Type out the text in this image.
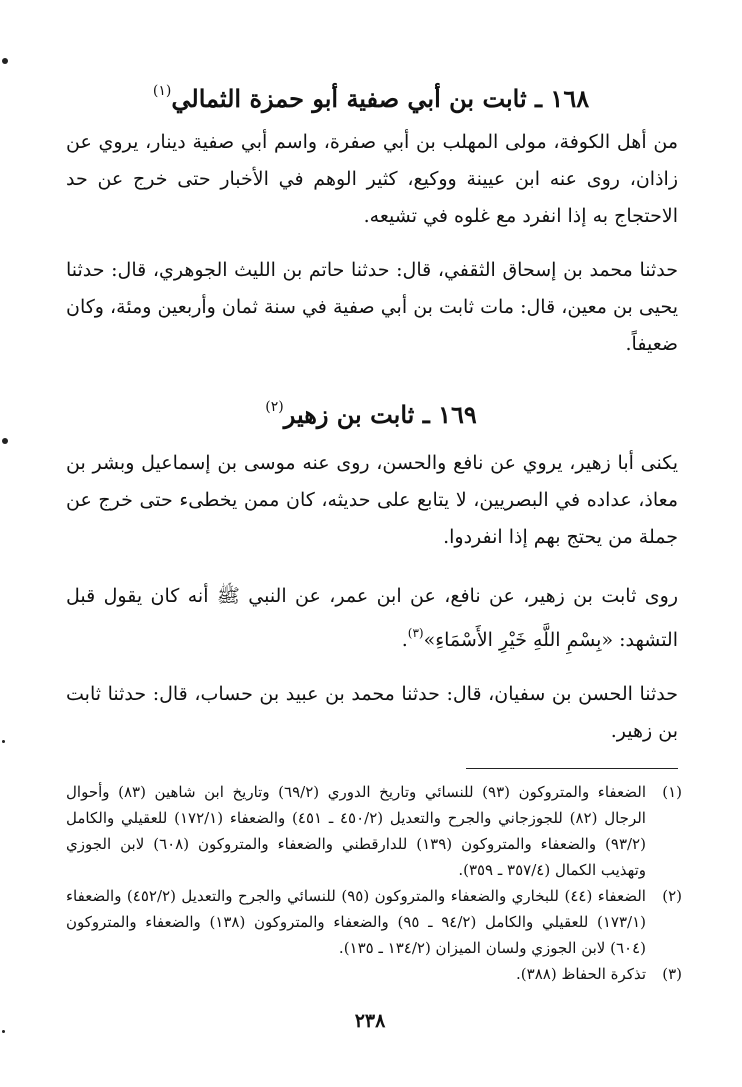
١٦٨ ـ ثابت بن أبي صفية أبو حمزة الثمالي$^{(١)}$
من أهل الكوفة، مولى المهلب بن أبي صفرة، واسم أبي صفية دينار، يروي عن زاذان، روى عنه ابن عيينة ووكيع، كثير الوهم في الأخبار حتى خرج عن حد الاحتجاج به إذا انفرد مع غلوه في تشيعه.
حدثنا محمد بن إسحاق الثقفي، قال: حدثنا حاتم بن الليث الجوهري، قال: حدثنا يحيى بن معين، قال: مات ثابت بن أبي صفية في سنة ثمان وأربعين ومئة، وكان ضعيفاً.
١٦٩ ـ ثابت بن زهير$^{(٢)}$
يكنى أبا زهير، يروي عن نافع والحسن، روى عنه موسى بن إسماعيل وبشر بن معاذ، عداده في البصريين، لا يتابع على حديثه، كان ممن يخطىء حتى خرج عن جملة من يحتج بهم إذا انفردوا.
روى ثابت بن زهير، عن نافع، عن ابن عمر، عن النبي ﷺ أنه كان يقول قبل التشهد: «بِسْمِ اللَّهِ خَيْرِ الأَسْمَاءِ»$^{(٣)}$.
حدثنا الحسن بن سفيان، قال: حدثنا محمد بن عبيد بن حساب، قال: حدثنا ثابت بن زهير.
(١)
الضعفاء والمتروكون (٩٣) للنسائي وتاريخ الدوري (٦٩/٢) وتاريخ ابن شاهين (٨٣) وأحوال الرجال (٨٢) للجوزجاني والجرح والتعديل (٤٥٠/٢ ـ ٤٥١) والضعفاء (١٧٢/١) للعقيلي والكامل (٩٣/٢) والضعفاء والمتروكون (١٣٩) للدارقطني والضعفاء والمتروكون (٦٠٨) لابن الجوزي وتهذيب الكمال (٣٥٧/٤ ـ ٣٥٩).
(٢)
الضعفاء (٤٤) للبخاري والضعفاء والمتروكون (٩٥) للنسائي والجرح والتعديل (٤٥٢/٢) والضعفاء (١٧٣/١) للعقيلي والكامل (٩٤/٢ ـ ٩٥) والضعفاء والمتروكون (١٣٨) والضعفاء والمتروكون (٦٠٤) لابن الجوزي ولسان الميزان (١٣٤/٢ ـ ١٣٥).
(٣)
تذكرة الحفاظ (٣٨٨).
٢٣٨
